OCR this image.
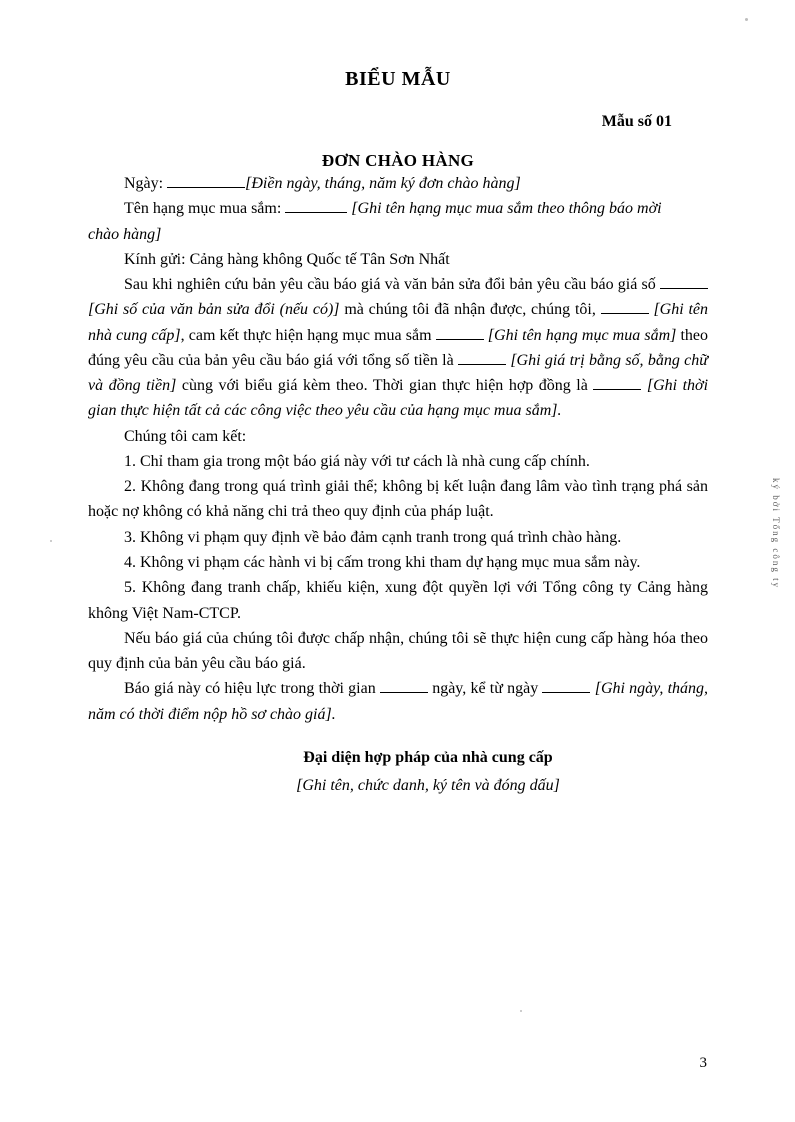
ký bởi Tổng công ty
BIỂU MẪU
Mẫu số 01
ĐƠN CHÀO HÀNG

Ngày:	[Điền ngày, tháng, năm ký đơn chào hàng]

Tên hạng mục mua sắm:	[Ghi tên hạng mục mua sắm theo thông báo mời

chào hàng]

Kính gửi: Cảng hàng không Quốc tế Tân Sơn Nhất

Sau khi nghiên cứu bản yêu cầu báo giá và văn bản sửa đổi bản yêu cầu báo giá số  [Ghi số của văn bản sửa đổi (nếu có)] mà chúng tôi đã nhận được, chúng tôi,	[Ghi tên nhà cung cấp], cam kết thực hiện hạng mục mua sắm	[Ghi tên hạng mục mua sắm] theo đúng yêu cầu của bản yêu cầu báo giá với tổng số tiền là	[Ghi giá trị bằng số, bằng chữ và đồng tiền] cùng với biểu giá kèm theo. Thời gian thực hiện hợp đồng là	[Ghi thời gian thực hiện tất cả các công việc theo yêu cầu của hạng mục mua sắm].

Chúng tôi cam kết:

1. Chỉ tham gia trong một báo giá này với tư cách là nhà cung cấp chính.

2. Không đang trong quá trình giải thể; không bị kết luận đang lâm vào tình trạng phá sản hoặc nợ không có khả năng chi trả theo quy định của pháp luật.

3. Không vi phạm quy định về bảo đảm cạnh tranh trong quá trình chào hàng.

4. Không vi phạm các hành vi bị cấm trong khi tham dự hạng mục mua sắm này.

5. Không đang tranh chấp, khiếu kiện, xung đột quyền lợi với Tổng công ty Cảng hàng không Việt Nam-CTCP.

Nếu báo giá của chúng tôi được chấp nhận, chúng tôi sẽ thực hiện cung cấp hàng hóa theo quy định của bản yêu cầu báo giá.

Báo giá này có hiệu lực trong thời gian	ngày, kể từ ngày	[Ghi ngày, tháng, năm có thời điểm nộp hồ sơ chào giá].

Đại diện hợp pháp của nhà cung cấp
[Ghi tên, chức danh, ký tên và đóng dấu]
3
